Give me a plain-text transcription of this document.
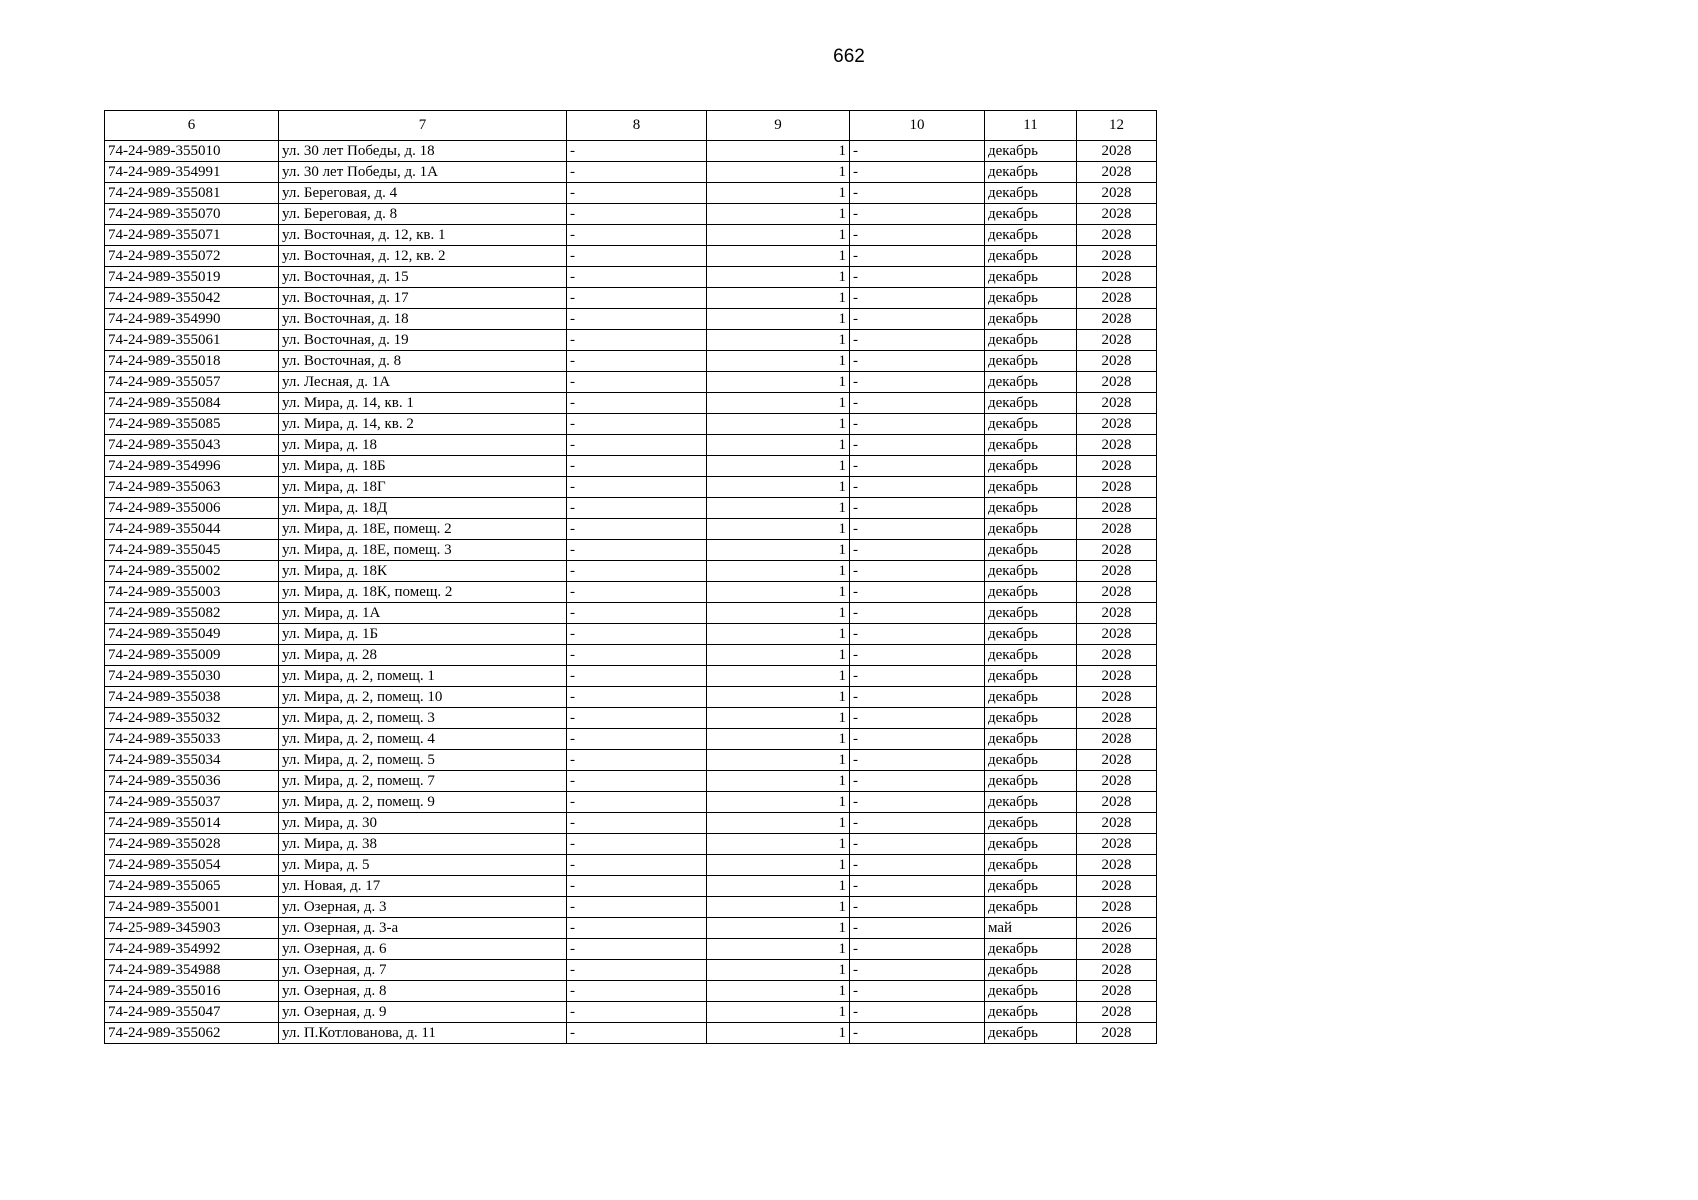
662
6	7	8	9	10	11	12
74-24-989-355010	ул. 30 лет Победы, д. 18	-	1	-	декабрь	2028
74-24-989-354991	ул. 30 лет Победы, д. 1А	-	1	-	декабрь	2028
74-24-989-355081	ул. Береговая, д. 4	-	1	-	декабрь	2028
74-24-989-355070	ул. Береговая, д. 8	-	1	-	декабрь	2028
74-24-989-355071	ул. Восточная, д. 12, кв. 1	-	1	-	декабрь	2028
74-24-989-355072	ул. Восточная, д. 12, кв. 2	-	1	-	декабрь	2028
74-24-989-355019	ул. Восточная, д. 15	-	1	-	декабрь	2028
74-24-989-355042	ул. Восточная, д. 17	-	1	-	декабрь	2028
74-24-989-354990	ул. Восточная, д. 18	-	1	-	декабрь	2028
74-24-989-355061	ул. Восточная, д. 19	-	1	-	декабрь	2028
74-24-989-355018	ул. Восточная, д. 8	-	1	-	декабрь	2028
74-24-989-355057	ул. Лесная, д. 1А	-	1	-	декабрь	2028
74-24-989-355084	ул. Мира, д. 14, кв. 1	-	1	-	декабрь	2028
74-24-989-355085	ул. Мира, д. 14, кв. 2	-	1	-	декабрь	2028
74-24-989-355043	ул. Мира, д. 18	-	1	-	декабрь	2028
74-24-989-354996	ул. Мира, д. 18Б	-	1	-	декабрь	2028
74-24-989-355063	ул. Мира, д. 18Г	-	1	-	декабрь	2028
74-24-989-355006	ул. Мира, д. 18Д	-	1	-	декабрь	2028
74-24-989-355044	ул. Мира, д. 18Е, помещ. 2	-	1	-	декабрь	2028
74-24-989-355045	ул. Мира, д. 18Е, помещ. 3	-	1	-	декабрь	2028
74-24-989-355002	ул. Мира, д. 18К	-	1	-	декабрь	2028
74-24-989-355003	ул. Мира, д. 18К, помещ. 2	-	1	-	декабрь	2028
74-24-989-355082	ул. Мира, д. 1А	-	1	-	декабрь	2028
74-24-989-355049	ул. Мира, д. 1Б	-	1	-	декабрь	2028
74-24-989-355009	ул. Мира, д. 28	-	1	-	декабрь	2028
74-24-989-355030	ул. Мира, д. 2, помещ. 1	-	1	-	декабрь	2028
74-24-989-355038	ул. Мира, д. 2, помещ. 10	-	1	-	декабрь	2028
74-24-989-355032	ул. Мира, д. 2, помещ. 3	-	1	-	декабрь	2028
74-24-989-355033	ул. Мира, д. 2, помещ. 4	-	1	-	декабрь	2028
74-24-989-355034	ул. Мира, д. 2, помещ. 5	-	1	-	декабрь	2028
74-24-989-355036	ул. Мира, д. 2, помещ. 7	-	1	-	декабрь	2028
74-24-989-355037	ул. Мира, д. 2, помещ. 9	-	1	-	декабрь	2028
74-24-989-355014	ул. Мира, д. 30	-	1	-	декабрь	2028
74-24-989-355028	ул. Мира, д. 38	-	1	-	декабрь	2028
74-24-989-355054	ул. Мира, д. 5	-	1	-	декабрь	2028
74-24-989-355065	ул. Новая, д. 17	-	1	-	декабрь	2028
74-24-989-355001	ул. Озерная, д. 3	-	1	-	декабрь	2028
74-25-989-345903	ул. Озерная, д. 3-а	-	1	-	май	2026
74-24-989-354992	ул. Озерная, д. 6	-	1	-	декабрь	2028
74-24-989-354988	ул. Озерная, д. 7	-	1	-	декабрь	2028
74-24-989-355016	ул. Озерная, д. 8	-	1	-	декабрь	2028
74-24-989-355047	ул. Озерная, д. 9	-	1	-	декабрь	2028
74-24-989-355062	ул. П.Котлованова, д. 11	-	1	-	декабрь	2028
